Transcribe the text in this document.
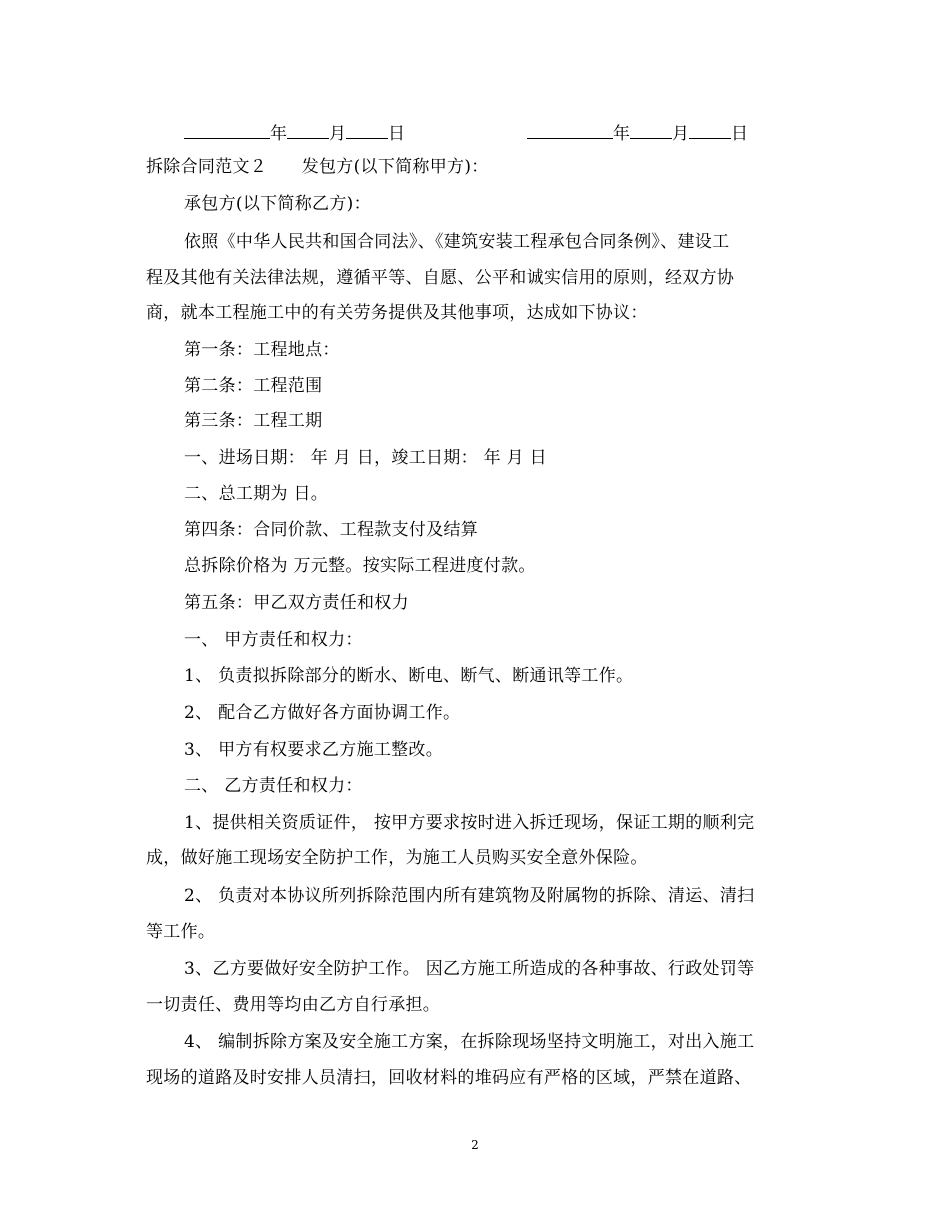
年 月 日	年 月 日
拆除合同范文２　　发包方(以下简称甲方)：
承包方(以下简称乙方)：
依照《中华人民共和国合同法》、《建筑安装工程承包合同条例》、建设工
程及其他有关法律法规，遵循平等、自愿、公平和诚实信用的原则，经双方协
商，就本工程施工中的有关劳务提供及其他事项，达成如下协议：
第一条：工程地点：
第二条：工程范围
第三条：工程工期
一、进场日期： 年 月 日，竣工日期： 年 月 日
二、总工期为 日。
第四条：合同价款、工程款支付及结算
总拆除价格为 万元整。按实际工程进度付款。
第五条：甲乙双方责任和权力
一、 甲方责任和权力：
1、 负责拟拆除部分的断水、断电、断气、断通讯等工作。
2、 配合乙方做好各方面协调工作。
3、 甲方有权要求乙方施工整改。
二、 乙方责任和权力：
1、提供相关资质证件， 按甲方要求按时进入拆迁现场，保证工期的顺利完
成，做好施工现场安全防护工作，为施工人员购买安全意外保险。
2、 负责对本协议所列拆除范围内所有建筑物及附属物的拆除、清运、清扫
等工作。
3、乙方要做好安全防护工作。 因乙方施工所造成的各种事故、行政处罚等
一切责任、费用等均由乙方自行承担。
4、 编制拆除方案及安全施工方案，在拆除现场坚持文明施工，对出入施工
现场的道路及时安排人员清扫，回收材料的堆码应有严格的区域，严禁在道路、
2
